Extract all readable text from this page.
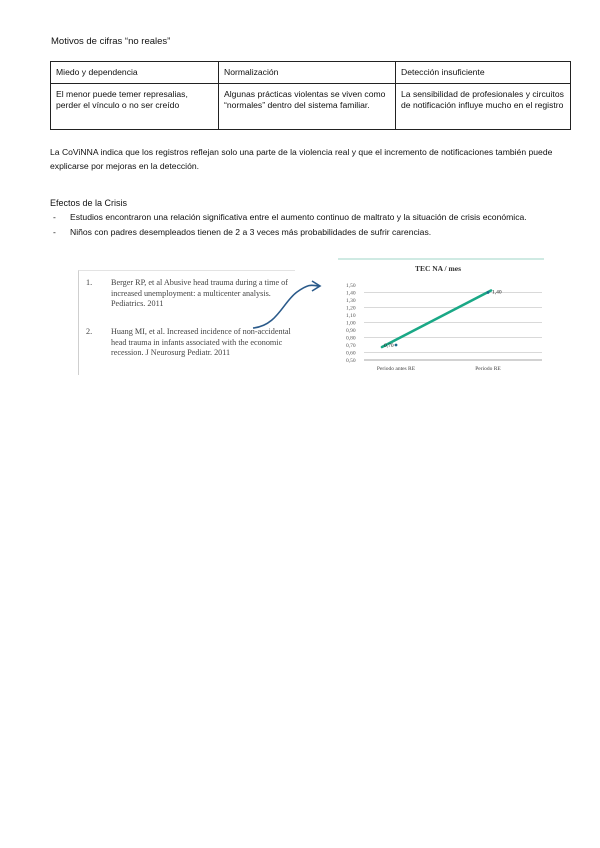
Motivos de cifras “no reales”
Miedo y dependencia	Normalización	Detección insuficiente
El menor puede temer represalias, perder el vínculo o no ser creído	Algunas prácticas violentas se viven como “normales” dentro del sistema familiar.	La sensibilidad de profesionales y circuitos de notificación influye mucho en el registro
La CoViNNA indica que los registros reflejan solo una parte de la violencia real y que el incremento de notificaciones también puede explicarse por mejoras en la detección.
Efectos de la Crisis
- Estudios encontraron una relación significativa entre el aumento continuo de maltrato y la situación de crisis económica.
- Niños con padres desempleados tienen de 2 a 3 veces más probabilidades de sufrir carencias.
1. Berger RP, et al Abusive head trauma during a time of increased unemployment: a multicenter analysis. Pediatrics. 2011
2. Huang MI, et al. Increased incidence of non-accidental head trauma in infants associated with the economic recession. J Neurosurg Pediatr. 2011
TEC NA / mes
1,50
1,40
1,30
1,20
1,10
1,00
0,90
0,80
0,70
0,60
0,50
Periodo antes RE	Periodo RE
0,70
1,40
